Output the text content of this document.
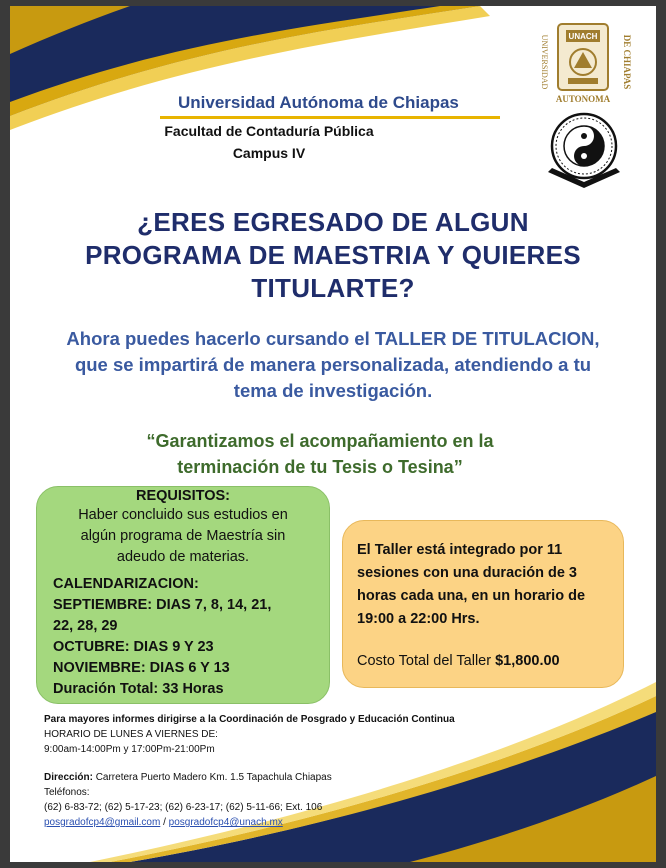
UNIVERSIDAD	DE CHIAPAS
UNACH
AUTONOMA
Universidad Autónoma de Chiapas
Facultad de Contaduría Pública
Campus IV
¿ERES EGRESADO DE ALGUN
PROGRAMA DE MAESTRIA Y QUIERES
TITULARTE?
Ahora puedes hacerlo cursando el TALLER DE TITULACION,
que se impartirá de manera personalizada, atendiendo a tu
tema de investigación.
“Garantizamos el acompañamiento en la
terminación de tu Tesis o Tesina”
REQUISITOS:
Haber concluido sus estudios en
algún programa de Maestría sin
adeudo de materias.
CALENDARIZACION:
SEPTIEMBRE: DIAS 7, 8, 14, 21,
22, 28, 29
OCTUBRE: DIAS 9 Y 23
NOVIEMBRE: DIAS 6 Y 13
Duración Total: 33 Horas
El Taller está integrado por 11
sesiones con una duración de 3
horas cada una, en un horario de
19:00 a 22:00 Hrs.
Costo Total del Taller $1,800.00
Para mayores informes dirigirse a la Coordinación de Posgrado y Educación Continua
HORARIO DE LUNES A VIERNES DE:
9:00am-14:00Pm y 17:00Pm-21:00Pm
Dirección: Carretera Puerto Madero Km. 1.5 Tapachula Chiapas
Teléfonos:
(62) 6-83-72; (62) 5-17-23; (62) 6-23-17; (62) 5-11-66; Ext. 106
posgradofcp4@gmail.com / posgradofcp4@unach.mx
